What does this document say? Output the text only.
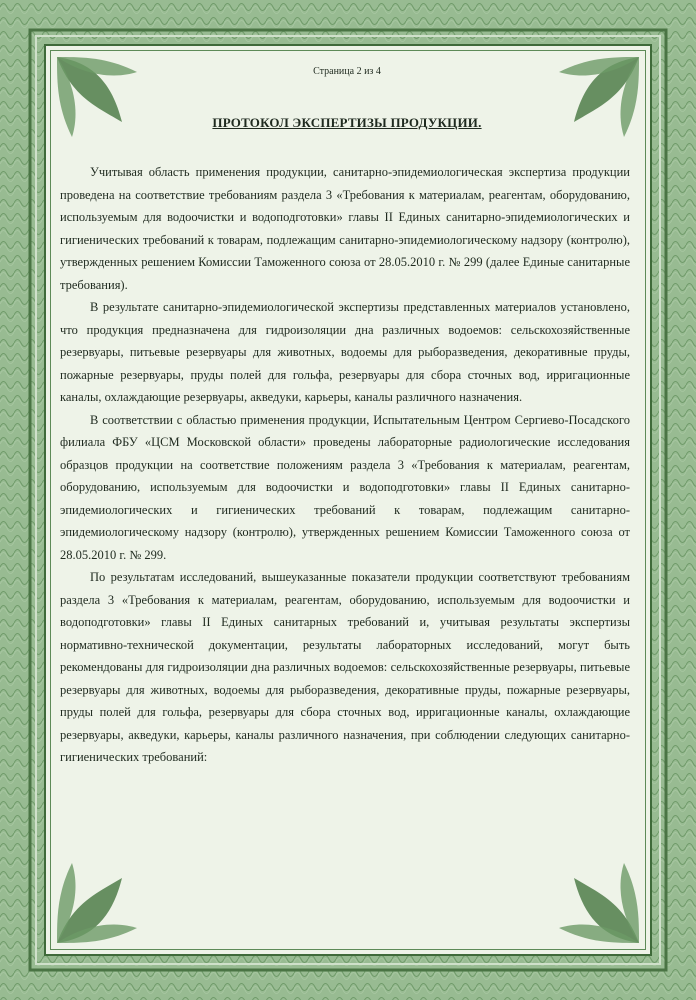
Страница 2 из 4
ПРОТОКОЛ ЭКСПЕРТИЗЫ ПРОДУКЦИИ.

Учитывая область применения продукции, санитарно-эпидемиологическая экспертиза продукции проведена на соответствие требованиям раздела 3 «Требования к материалам, реагентам, оборудованию, используемым для водоочистки и водоподготовки» главы II Единых санитарно-эпидемиологических и гигиенических требований к товарам, подлежащим санитарно-эпидемиологическому надзору (контролю), утвержденных решением Комиссии Таможенного союза от 28.05.2010 г. № 299 (далее Единые санитарные требования).

В результате санитарно-эпидемиологической экспертизы представленных материалов установлено, что продукция предназначена для гидроизоляции дна различных водоемов: сельскохозяйственные резервуары, питьевые резервуары для животных, водоемы для рыборазведения, декоративные пруды, пожарные резервуары, пруды полей для гольфа, резервуары для сбора сточных вод, ирригационные каналы, охлаждающие резервуары, акведуки, карьеры, каналы различного назначения.

В соответствии с областью применения продукции, Испытательным Центром Сергиево-Посадского филиала ФБУ «ЦСМ Московской области» проведены лабораторные радиологические исследования образцов продукции на соответствие положениям раздела 3 «Требования к материалам, реагентам, оборудованию, используемым для водоочистки и водоподготовки» главы II Единых санитарно-эпидемиологических и гигиенических требований к товарам, подлежащим санитарно-эпидемиологическому надзору (контролю), утвержденных решением Комиссии Таможенного союза от 28.05.2010 г. № 299.

По результатам исследований, вышеуказанные показатели продукции соответствуют требованиям раздела 3 «Требования к материалам, реагентам, оборудованию, используемым для водоочистки и водоподготовки» главы II Единых санитарных требований и, учитывая результаты экспертизы нормативно-технической документации, результаты лабораторных исследований, могут быть рекомендованы для гидроизоляции дна различных водоемов: сельскохозяйственные резервуары, питьевые резервуары для животных, водоемы для рыборазведения, декоративные пруды, пожарные резервуары, пруды полей для гольфа, резервуары для сбора сточных вод, ирригационные каналы, охлаждающие резервуары, акведуки, карьеры, каналы различного назначения, при соблюдении следующих санитарно-гигиенических требований:
